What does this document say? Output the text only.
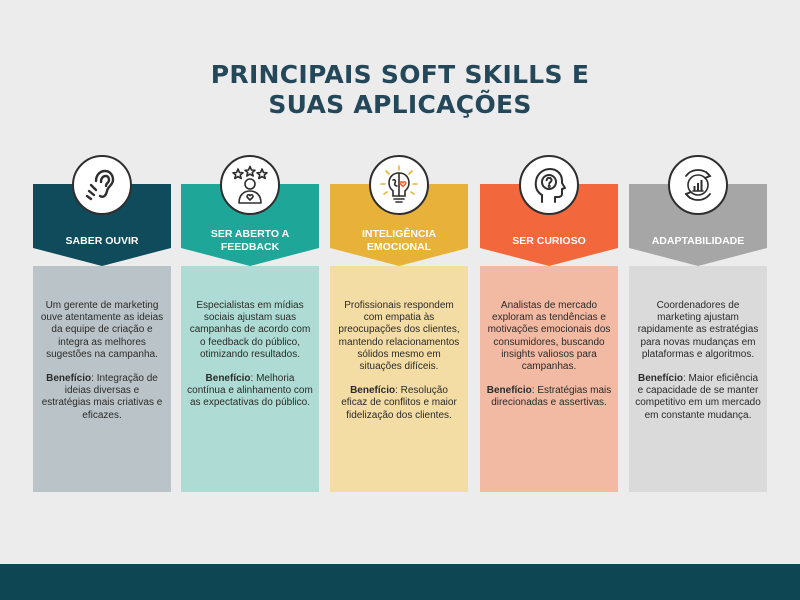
PRINCIPAIS SOFT SKILLS E
SUAS APLICAÇÕES
SABER OUVIR

Um gerente de marketing ouve atentamente as ideias da equipe de criação e integra as melhores sugestões na campanha.

Benefício: Integração de ideias diversas e estratégias mais criativas e eficazes.

SER ABERTO A FEEDBACK

Especialistas em mídias sociais ajustam suas campanhas de acordo com o feedback do público, otimizando resultados.

Benefício: Melhoria contínua e alinhamento com as expectativas do público.

INTELIGÊNCIA EMOCIONAL

Profissionais respondem com empatia às preocupações dos clientes, mantendo relacionamentos sólidos mesmo em situações difíceis.

Benefício: Resolução eficaz de conflitos e maior fidelização dos clientes.

SER CURIOSO

Analistas de mercado exploram as tendências e motivações emocionais dos consumidores, buscando insights valiosos para campanhas.

Benefício: Estratégias mais direcionadas e assertivas.

ADAPTABILIDADE

Coordenadores de marketing ajustam rapidamente as estratégias para novas mudanças em plataformas e algoritmos.

Benefício: Maior eficiência e capacidade de se manter competitivo em um mercado em constante mudança.
